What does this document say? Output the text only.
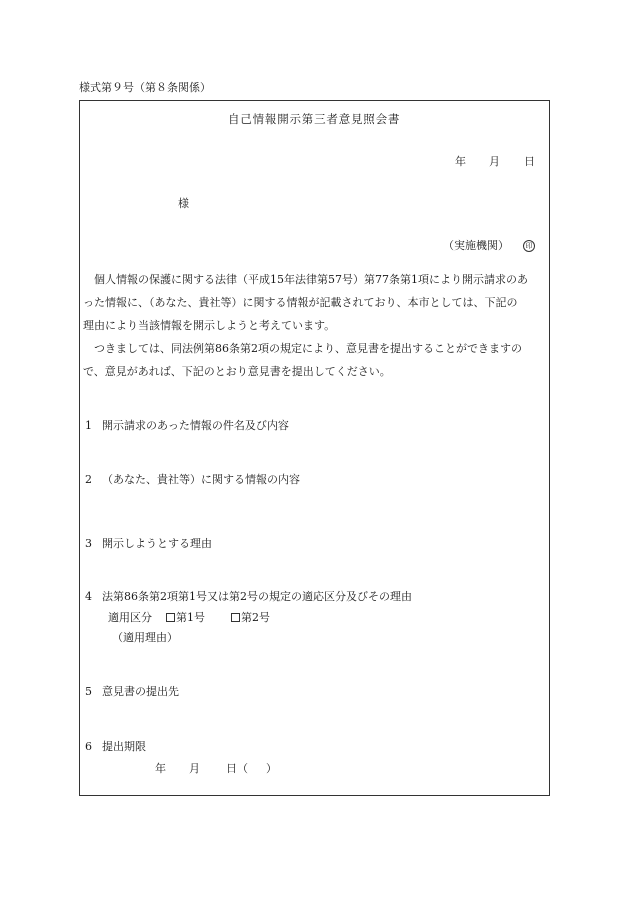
様式第９号（第８条関係）
自己情報開示第三者意見照会書
年 月 日
様
（実施機関）	印
個人情報の保護に関する法律（平成15年法律第57号）第77条第1項により開示請求のあ
った情報に、（あなた、貴社等）に関する情報が記載されており、本市としては、下記の
理由により当該情報を開示しようと考えています。
つきましては、同法例第86条第2項の規定により、意見書を提出することができますの
で、意見があれば、下記のとおり意見書を提出してください。
1 開示請求のあった情報の件名及び内容
2 （あなた、貴社等）に関する情報の内容
3 開示しようとする理由
4 法第86条第2項第1号又は第2号の規定の適応区分及びその理由
適用区分	第1号	第2号
（適用理由）
5 意見書の提出先
6 提出期限
年 月 日（ ）
